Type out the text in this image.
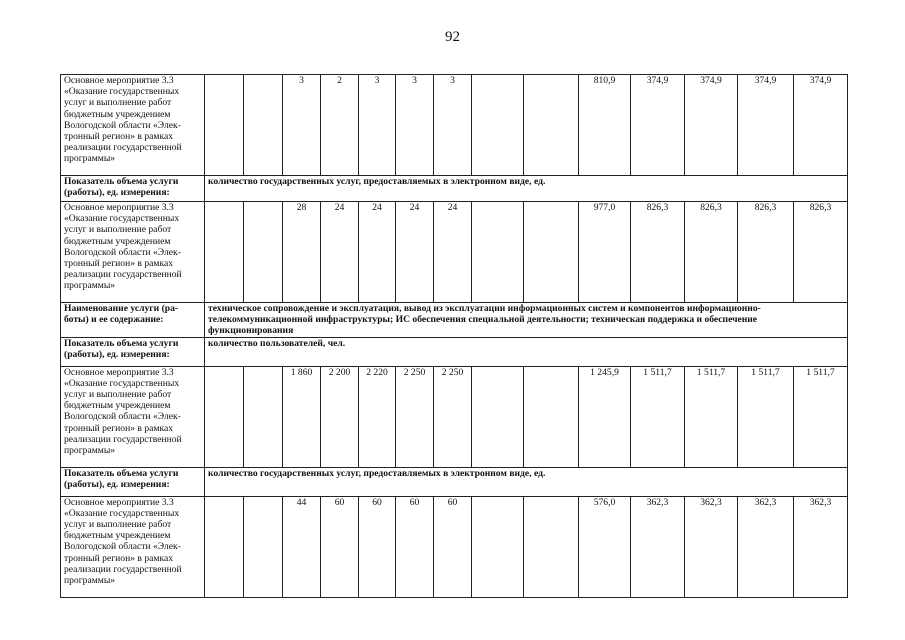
92
Основное мероприятие 3.3 «Оказание государственных услуг и выполнение работ бюджетным учреждением Вологодской области «Элек-тронный регион» в рамках реализации государственной программы»			3	2	3	3	3			810,9	374,9	374,9	374,9	374,9
Показатель объема услуги (работы), ед. измерения:	количество государственных услуг, предоставляемых в электронном виде, ед.													
Основное мероприятие 3.3 «Оказание государственных услуг и выполнение работ бюджетным учреждением Вологодской области «Элек-тронный регион» в рамках реализации государственной программы»			28	24	24	24	24			977,0	826,3	826,3	826,3	826,3
Наименование услуги (ра-боты) и ее содержание:	техническое сопровождение и эксплуатация, вывод из эксплуатации информационных систем и компонентов информационно-телекоммуникационной инфраструктуры; ИС обеспечения специальной деятельности; техническая поддержка и обеспечение функционирования													
Показатель объема услуги (работы), ед. измерения:	количество пользователей, чел.													
Основное мероприятие 3.3 «Оказание государственных услуг и выполнение работ бюджетным учреждением Вологодской области «Элек-тронный регион» в рамках реализации государственной программы»			1 860	2 200	2 220	2 250	2 250			1 245,9	1 511,7	1 511,7	1 511,7	1 511,7
Показатель объема услуги (работы), ед. измерения:	количество государственных услуг, предоставляемых в электронном виде, ед.													
Основное мероприятие 3.3 «Оказание государственных услуг и выполнение работ бюджетным учреждением Вологодской области «Элек-тронный регион» в рамках реализации государственной программы»			44	60	60	60	60			576,0	362,3	362,3	362,3	362,3
